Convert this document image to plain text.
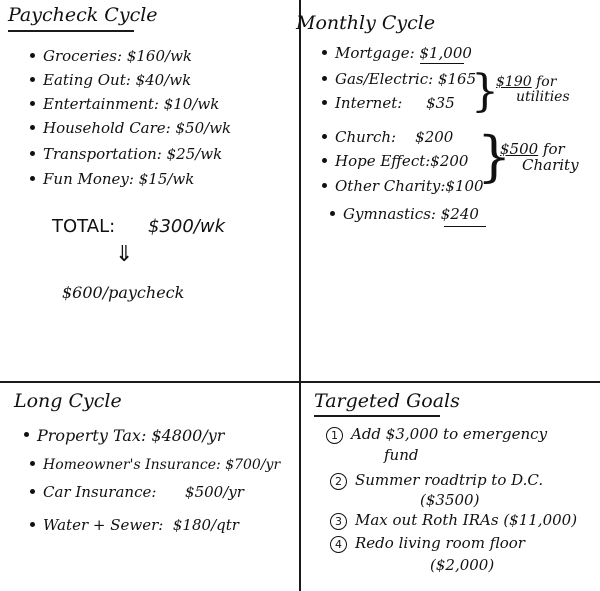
Paycheck Cycle
Groceries: $160/wk
Eating Out: $40/wk
Entertainment: $10/wk
Household Care: $50/wk
Transportation: $25/wk
Fun Money: $15/wk
TOTAL: $300/wk
⇓
$600/paycheck
Monthly Cycle
Mortgage: $1,000
Gas/Electric: $165
Internet: $35 }
$190 for
utilities
Church: $200
Hope Effect:$200
Other Charity:$100
}
$500 for
Charity
Gymnastics: $240
Long Cycle
Property Tax: $4800/yr
Homeowner's Insurance: $700/yr
Car Insurance: $500/yr
Water + Sewer: $180/qtr
Targeted Goals
1 Add $3,000 to emergency
fund
2 Summer roadtrip to D.C.
($3500)
3 Max out Roth IRAs ($11,000)
4 Redo living room floor
($2,000)
